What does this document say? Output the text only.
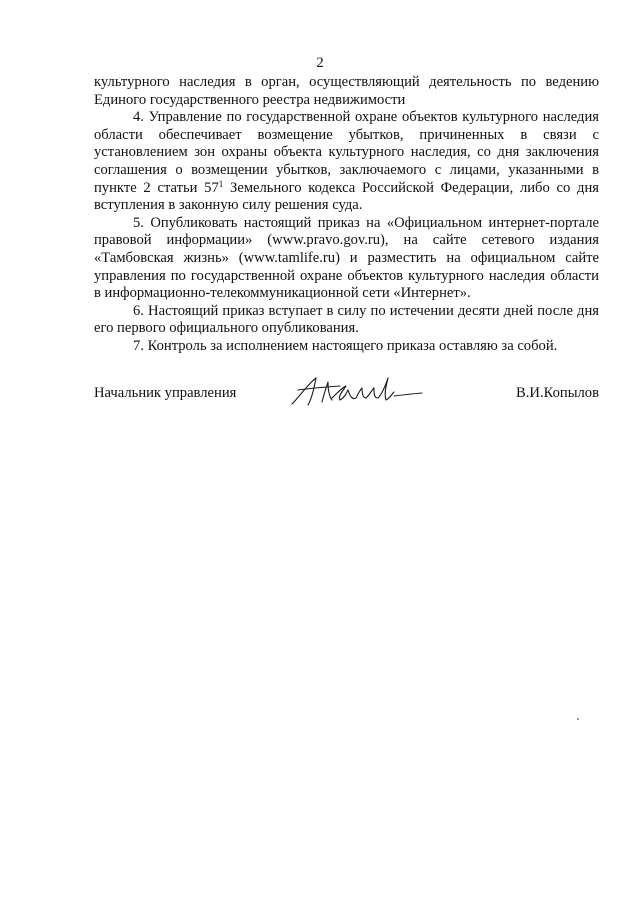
2

культурного наследия в орган, осуществляющий деятельность по ведению Единого государственного реестра недвижимости

4. Управление по государственной охране объектов культурного наследия области обеспечивает возмещение убытков, причиненных в связи с установлением зон охраны объекта культурного наследия, со дня заключения соглашения о возмещении убытков, заключаемого с лицами, указанными в пункте 2 статьи $57^1$ Земельного кодекса Российской Федерации, либо со дня вступления в законную силу решения суда.

5. Опубликовать настоящий приказ на «Официальном интернет-портале правовой информации» (www.pravo.gov.ru), на сайте сетевого издания «Тамбовская жизнь» (www.tamlife.ru) и разместить на официальном сайте управления по государственной охране объектов культурного наследия области в информационно-телекоммуникационной сети «Интернет».

6. Настоящий приказ вступает в силу по истечении десяти дней после дня его первого официального опубликования.

7. Контроль за исполнением настоящего приказа оставляю за собой.

Начальник управления	В.И.Копылов
